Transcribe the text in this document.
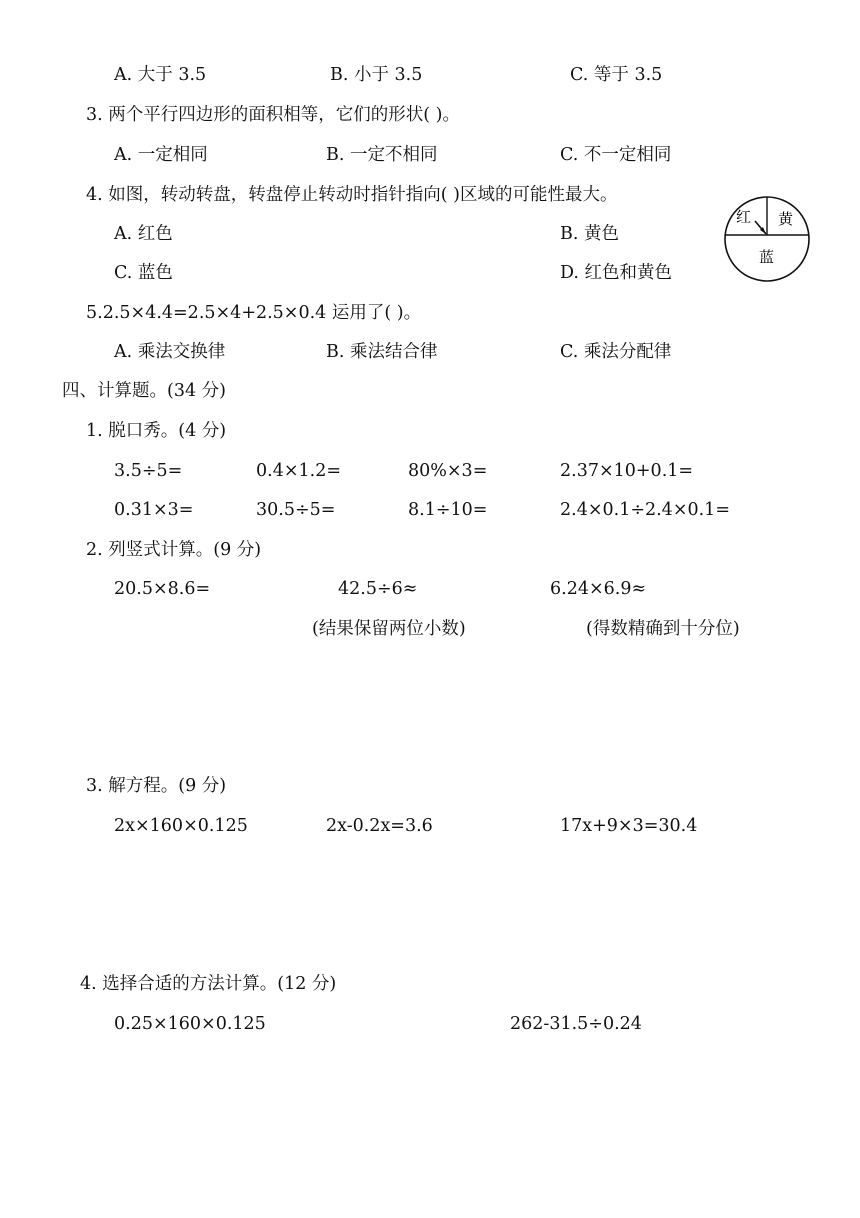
A. 大于 3.5	B. 小于 3.5	C. 等于 3.5
3. 两个平行四边形的面积相等，它们的形状( )。
A. 一定相同	B. 一定不相同	C. 不一定相同
4. 如图，转动转盘，转盘停止转动时指针指向( )区域的可能性最大。
A. 红色	B. 黄色
C. 蓝色	D. 红色和黄色
红 黄
蓝
5.2.5×4.4=2.5×4+2.5×0.4 运用了( )。
A. 乘法交换律	B. 乘法结合律	C. 乘法分配律
四、计算题。(34 分)
1. 脱口秀。(4 分)
3.5÷5=	0.4×1.2=	80%×3=	2.37×10+0.1=
0.31×3=	30.5÷5=	8.1÷10=	2.4×0.1÷2.4×0.1=
2. 列竖式计算。(9 分)
20.5×8.6=	42.5÷6≈	6.24×6.9≈
(结果保留两位小数)	(得数精确到十分位)
3. 解方程。(9 分)
2x×160×0.125	2x-0.2x=3.6	17x+9×3=30.4
4. 选择合适的方法计算。(12 分)
0.25×160×0.125	262-31.5÷0.24
